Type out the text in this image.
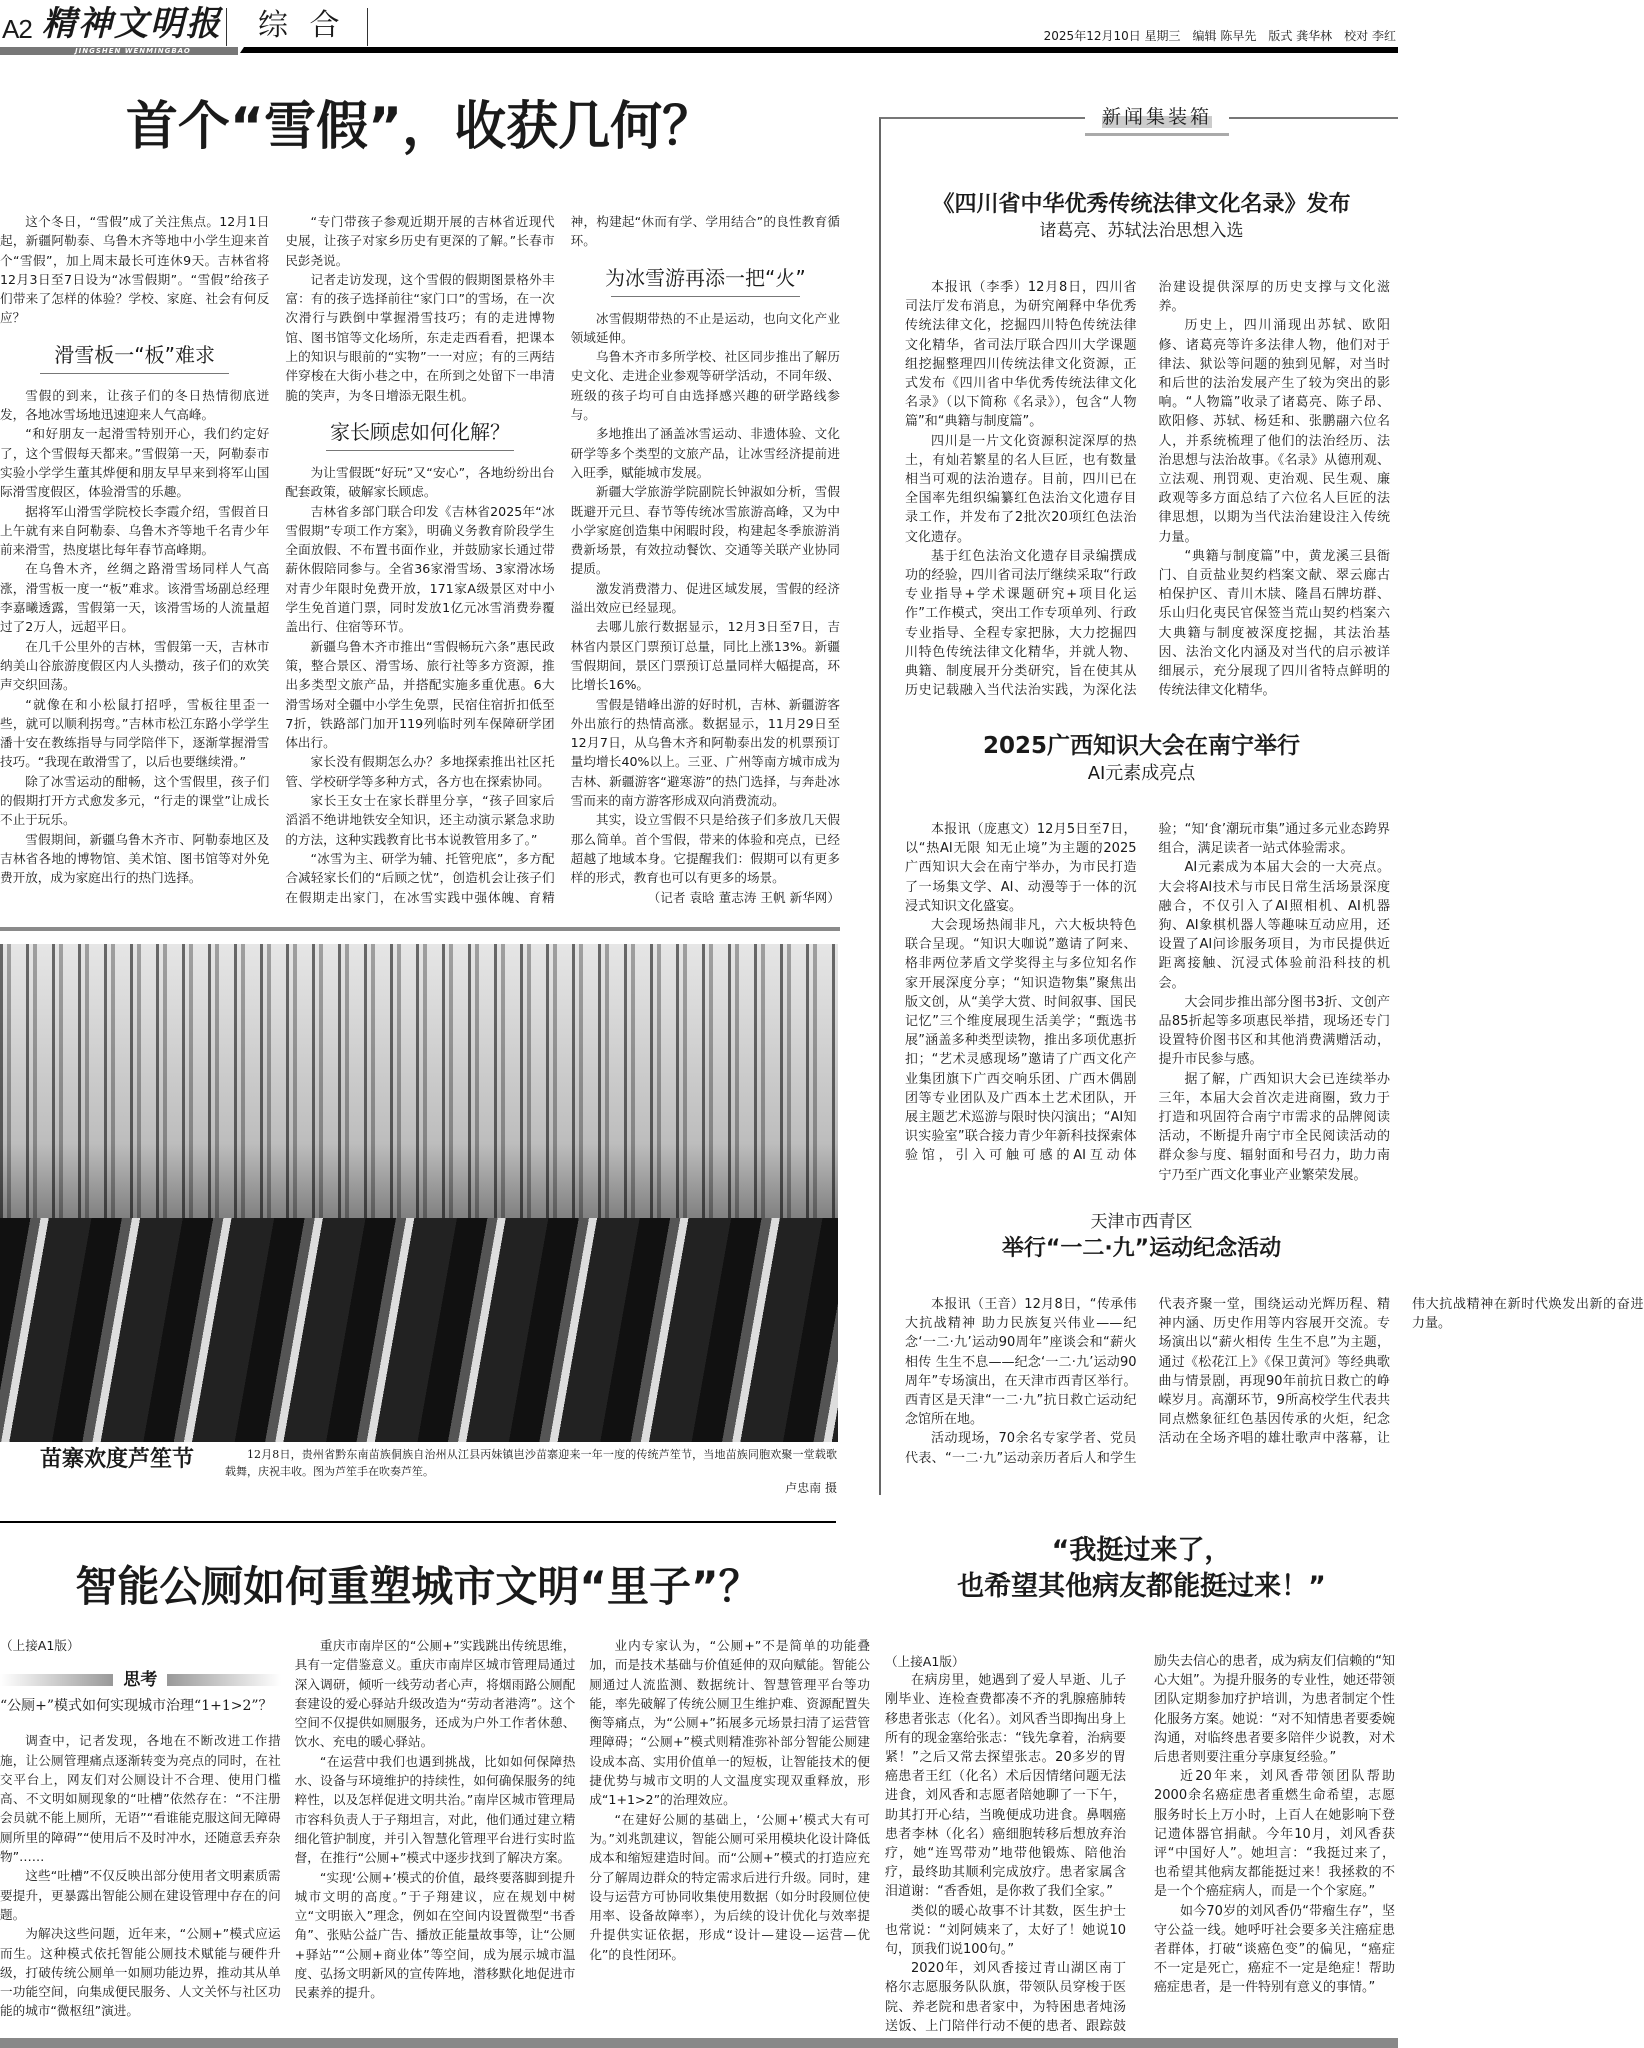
A2 精神文明报
JINGSHEN WENMINGBAO
综 合	2025年12月10日 星期三　编辑 陈早先　版式 龚华林　校对 李红
首个“雪假”，收获几何？

这个冬日，“雪假”成了关注焦点。12月1日起，新疆阿勒泰、乌鲁木齐等地中小学生迎来首个“雪假”，加上周末最长可连休9天。吉林省将12月3日至7日设为“冰雪假期”。“雪假”给孩子们带来了怎样的体验？学校、家庭、社会有何反应？

滑雪板一“板”难求

雪假的到来，让孩子们的冬日热情彻底迸发，各地冰雪场地迅速迎来人气高峰。

“和好朋友一起滑雪特别开心，我们约定好了，这个雪假每天都来。”雪假第一天，阿勒泰市实验小学学生董其烨便和朋友早早来到将军山国际滑雪度假区，体验滑雪的乐趣。

据将军山滑雪学院校长李霞介绍，雪假首日上午就有来自阿勒泰、乌鲁木齐等地千名青少年前来滑雪，热度堪比每年春节高峰期。

在乌鲁木齐，丝绸之路滑雪场同样人气高涨，滑雪板一度一“板”难求。该滑雪场副总经理李嘉曦透露，雪假第一天，该滑雪场的人流量超过了2万人，远超平日。

在几千公里外的吉林，雪假第一天，吉林市纳美山谷旅游度假区内人头攒动，孩子们的欢笑声交织回荡。

“就像在和小松鼠打招呼，雪板往里歪一些，就可以顺利拐弯。”吉林市松江东路小学学生潘十安在教练指导与同学陪伴下，逐渐掌握滑雪技巧。“我现在敢滑雪了，以后也要继续滑。”

除了冰雪运动的酣畅，这个雪假里，孩子们的假期打开方式愈发多元，“行走的课堂”让成长不止于玩乐。

雪假期间，新疆乌鲁木齐市、阿勒泰地区及吉林省各地的博物馆、美术馆、图书馆等对外免费开放，成为家庭出行的热门选择。

“专门带孩子参观近期开展的吉林省近现代史展，让孩子对家乡历史有更深的了解。”长春市民彭尧说。

记者走访发现，这个雪假的假期图景格外丰富：有的孩子选择前往“家门口”的雪场，在一次次滑行与跌倒中掌握滑雪技巧；有的走进博物馆、图书馆等文化场所，东走走西看看，把课本上的知识与眼前的“实物”一一对应；有的三两结伴穿梭在大街小巷之中，在所到之处留下一串清脆的笑声，为冬日增添无限生机。

家长顾虑如何化解？

为让雪假既“好玩”又“安心”，各地纷纷出台配套政策，破解家长顾虑。

吉林省多部门联合印发《吉林省2025年“冰雪假期”专项工作方案》，明确义务教育阶段学生全面放假、不布置书面作业，并鼓励家长通过带薪休假陪同参与。全省36家滑雪场、3家滑冰场对青少年限时免费开放，171家A级景区对中小学生免首道门票，同时发放1亿元冰雪消费券覆盖出行、住宿等环节。

新疆乌鲁木齐市推出“雪假畅玩六条”惠民政策，整合景区、滑雪场、旅行社等多方资源，推出多类型文旅产品，并搭配实施多重优惠。6大滑雪场对全疆中小学生免票，民宿住宿折扣低至7折，铁路部门加开119列临时列车保障研学团体出行。

家长没有假期怎么办？多地探索推出社区托管、学校研学等多种方式，各方也在探索协同。

家长王女士在家长群里分享，“孩子回家后滔滔不绝讲地铁安全知识，还主动演示紧急求助的方法，这种实践教育比书本说教管用多了。”

“冰雪为主、研学为辅、托管兜底”，多方配合减轻家长们的“后顾之忧”，创造机会让孩子们在假期走出家门，在冰雪实践中强体魄、育精神，构建起“休而有学、学用结合”的良性教育循环。

为冰雪游再添一把“火”

冰雪假期带热的不止是运动，也向文化产业领域延伸。

乌鲁木齐市多所学校、社区同步推出了解历史文化、走进企业参观等研学活动，不同年级、班级的孩子均可自由选择感兴趣的研学路线参与。

多地推出了涵盖冰雪运动、非遗体验、文化研学等多个类型的文旅产品，让冰雪经济提前进入旺季，赋能城市发展。

新疆大学旅游学院副院长钟淑如分析，雪假既避开元旦、春节等传统冰雪旅游高峰，又为中小学家庭创造集中闲暇时段，构建起冬季旅游消费新场景，有效拉动餐饮、交通等关联产业协同提质。

激发消费潜力、促进区域发展，雪假的经济溢出效应已经显现。

去哪儿旅行数据显示，12月3日至7日，吉林省内景区门票预订总量，同比上涨13%。新疆雪假期间，景区门票预订总量同样大幅提高，环比增长16%。

雪假是错峰出游的好时机，吉林、新疆游客外出旅行的热情高涨。数据显示，11月29日至12月7日，从乌鲁木齐和阿勒泰出发的机票预订量均增长40%以上。三亚、广州等南方城市成为吉林、新疆游客“避寒游”的热门选择，与奔赴冰雪而来的南方游客形成双向消费流动。

其实，设立雪假不只是给孩子们多放几天假那么简单。首个雪假，带来的体验和亮点，已经超越了地域本身。它提醒我们：假期可以有更多样的形式，教育也可以有更多的场景。

（记者 袁晗 董志涛 王帆 新华网）

苗寨欢度芦笙节	12月8日，贵州省黔东南苗族侗族自治州从江县丙妹镇岜沙苗寨迎来一年一度的传统芦笙节，当地苗族同胞欢聚一堂载歌载舞，庆祝丰收。图为芦笙手在吹奏芦笙。
卢忠南 摄
智能公厕如何重塑城市文明“里子”？

（上接A1版）

思考

“公厕+”模式如何实现城市治理“1+1>2”？

调查中，记者发现，各地在不断改进工作措施，让公厕管理痛点逐渐转变为亮点的同时，在社交平台上，网友们对公厕设计不合理、使用门槛高、不文明如厕现象的“吐槽”依然存在：“不注册会员就不能上厕所，无语”“看谁能克服这间无障碍厕所里的障碍”“使用后不及时冲水，还随意丢弃杂物”……

这些“吐槽”不仅反映出部分使用者文明素质需要提升，更暴露出智能公厕在建设管理中存在的问题。

为解决这些问题，近年来，“公厕+”模式应运而生。这种模式依托智能公厕技术赋能与硬件升级，打破传统公厕单一如厕功能边界，推动其从单一功能空间，向集成便民服务、人文关怀与社区功能的城市“微枢纽”演进。

重庆市南岸区的“公厕+”实践跳出传统思维，具有一定借鉴意义。重庆市南岸区城市管理局通过深入调研，倾听一线劳动者心声，将烟雨路公厕配套建设的爱心驿站升级改造为“劳动者港湾”。这个空间不仅提供如厕服务，还成为户外工作者休憩、饮水、充电的暖心驿站。

“在运营中我们也遇到挑战，比如如何保障热水、设备与环境维护的持续性，如何确保服务的纯粹性，以及怎样促进文明共治。”南岸区城市管理局市容科负责人于子翔坦言，对此，他们通过建立精细化管护制度，并引入智慧化管理平台进行实时监督，在推行“公厕+”模式中逐步找到了解决方案。

“实现‘公厕+’模式的价值，最终要落脚到提升城市文明的高度。”于子翔建议，应在规划中树立“文明嵌入”理念，例如在空间内设置微型“书香角”、张贴公益广告、播放正能量故事等，让“公厕+驿站”“公厕+商业体”等空间，成为展示城市温度、弘扬文明新风的宣传阵地，潜移默化地促进市民素养的提升。

业内专家认为，“公厕+”不是简单的功能叠加，而是技术基础与价值延伸的双向赋能。智能公厕通过人流监测、数据统计、智慧管理平台等功能，率先破解了传统公厕卫生维护难、资源配置失衡等痛点，为“公厕+”拓展多元场景扫清了运营管理障碍；“公厕+”模式则精准弥补部分智能公厕建设成本高、实用价值单一的短板，让智能技术的便捷优势与城市文明的人文温度实现双重释放，形成“1+1>2”的治理效应。

“在建好公厕的基础上，‘公厕+’模式大有可为。”刘兆凯建议，智能公厕可采用模块化设计降低成本和缩短建造时间。而“公厕+”模式的打造应充分了解周边群众的特定需求后进行升级。同时，建设与运营方可协同收集使用数据（如分时段厕位使用率、设备故障率），为后续的设计优化与效率提升提供实证依据，形成“设计—建设—运营—优化”的良性闭环。

新闻集装箱
《四川省中华优秀传统法律文化名录》发布
诸葛亮、苏轼法治思想入选

本报讯（李季）12月8日，四川省司法厅发布消息，为研究阐释中华优秀传统法律文化，挖掘四川特色传统法律文化精华，省司法厅联合四川大学课题组挖掘整理四川传统法律文化资源，正式发布《四川省中华优秀传统法律文化名录》（以下简称《名录》），包含“人物篇”和“典籍与制度篇”。

四川是一片文化资源积淀深厚的热土，有灿若繁星的名人巨匠，也有数量相当可观的法治遗存。目前，四川已在全国率先组织编纂红色法治文化遗存目录工作，并发布了2批次20项红色法治文化遗存。

基于红色法治文化遗存目录编撰成功的经验，四川省司法厅继续采取“行政专业指导+学术课题研究+项目化运作”工作模式，突出工作专项单列、行政专业指导、全程专家把脉，大力挖掘四川特色传统法律文化精华，并就人物、典籍、制度展开分类研究，旨在使其从历史记载融入当代法治实践，为深化法治建设提供深厚的历史支撑与文化滋养。

历史上，四川涌现出苏轼、欧阳修、诸葛亮等许多法律人物，他们对于律法、狱讼等问题的独到见解，对当时和后世的法治发展产生了较为突出的影响。“人物篇”收录了诸葛亮、陈子昂、欧阳修、苏轼、杨廷和、张鹏翮六位名人，并系统梳理了他们的法治经历、法治思想与法治故事。《名录》从德刑观、立法观、刑罚观、吏治观、民生观、廉政观等多方面总结了六位名人巨匠的法律思想，以期为当代法治建设注入传统力量。

“典籍与制度篇”中，黄龙溪三县衙门、自贡盐业契约档案文献、翠云廊古柏保护区、青川木牍、隆昌石牌坊群、乐山归化夷民官保签当荒山契约档案六大典籍与制度被深度挖掘，其法治基因、法治文化内涵及对当代的启示被详细展示，充分展现了四川省特点鲜明的传统法律文化精华。

2025广西知识大会在南宁举行
AI元素成亮点

本报讯（庞惠文）12月5日至7日，以“热AI无限 知无止境”为主题的2025广西知识大会在南宁举办，为市民打造了一场集文学、AI、动漫等于一体的沉浸式知识文化盛宴。

大会现场热闹非凡，六大板块特色联合呈现。“知识大咖说”邀请了阿来、格非两位茅盾文学奖得主与多位知名作家开展深度分享；“知识造物集”聚焦出版文创，从“美学大赏、时间叙事、国民记忆”三个维度展现生活美学；“甄选书展”涵盖多种类型读物，推出多项优惠折扣；“艺术灵感现场”邀请了广西文化产业集团旗下广西交响乐团、广西木偶剧团等专业团队及广西本土艺术团队，开展主题艺术巡游与限时快闪演出；“AI知识实验室”联合接力青少年新科技探索体验馆，引入可触可感的AI互动体验；“知‘食’潮玩市集”通过多元业态跨界组合，满足读者一站式体验需求。

AI元素成为本届大会的一大亮点。大会将AI技术与市民日常生活场景深度融合，不仅引入了AI照相机、AI机器狗、AI象棋机器人等趣味互动应用，还设置了AI问诊服务项目，为市民提供近距离接触、沉浸式体验前沿科技的机会。

大会同步推出部分图书3折、文创产品85折起等多项惠民举措，现场还专门设置特价图书区和其他消费满赠活动，提升市民参与感。

据了解，广西知识大会已连续举办三年，本届大会首次走进商圈，致力于打造和巩固符合南宁市需求的品牌阅读活动，不断提升南宁市全民阅读活动的群众参与度、辐射面和号召力，助力南宁乃至广西文化事业产业繁荣发展。

天津市西青区
举行“一二·九”运动纪念活动

本报讯（王音）12月8日，“传承伟大抗战精神 助力民族复兴伟业——纪念‘一二·九’运动90周年”座谈会和“薪火相传 生生不息——纪念‘一二·九’运动90周年”专场演出，在天津市西青区举行。西青区是天津“一二·九”抗日救亡运动纪念馆所在地。

活动现场，70余名专家学者、党员代表、“一二·九”运动亲历者后人和学生代表齐聚一堂，围绕运动光辉历程、精神内涵、历史作用等内容展开交流。专场演出以“薪火相传 生生不息”为主题，通过《松花江上》《保卫黄河》等经典歌曲与情景剧，再现90年前抗日救亡的峥嵘岁月。高潮环节，9所高校学生代表共同点燃象征红色基因传承的火炬，纪念活动在全场齐唱的雄壮歌声中落幕，让伟大抗战精神在新时代焕发出新的奋进力量。

“我挺过来了，
也希望其他病友都能挺过来！”

（上接A1版）

在病房里，她遇到了爱人早逝、儿子刚毕业、连检查费都凑不齐的乳腺癌肺转移患者张志（化名）。刘风香当即掏出身上所有的现金塞给张志：“钱先拿着，治病要紧！”之后又常去探望张志。20多岁的胃癌患者王红（化名）术后因情绪问题无法进食，刘风香和志愿者陪她聊了一下午，助其打开心结，当晚便成功进食。鼻咽癌患者李林（化名）癌细胞转移后想放弃治疗，她“连骂带劝”地带他锻炼、陪他治疗，最终助其顺利完成放疗。患者家属含泪道谢：“香香姐，是你救了我们全家。”

类似的暖心故事不计其数，医生护士也常说：“刘阿姨来了，太好了！她说10句，顶我们说100句。”

2020年，刘风香接过青山湖区南丁格尔志愿服务队队旗，带领队员穿梭于医院、养老院和患者家中，为特困患者炖汤送饭、上门陪伴行动不便的患者、跟踪鼓励失去信心的患者，成为病友们信赖的“知心大姐”。为提升服务的专业性，她还带领团队定期参加疗护培训，为患者制定个性化服务方案。她说：“对不知情患者要委婉沟通，对临终患者要多陪伴少说教，对术后患者则要注重分享康复经验。”

近20年来，刘风香带领团队帮助2000余名癌症患者重燃生命希望，志愿服务时长上万小时，上百人在她影响下登记遗体器官捐献。今年10月，刘风香获评“中国好人”。她坦言：“我挺过来了，也希望其他病友都能挺过来！我拯救的不是一个个癌症病人，而是一个个家庭。”

如今70岁的刘风香仍“带瘤生存”，坚守公益一线。她呼吁社会要多关注癌症患者群体，打破“谈癌色变”的偏见，“癌症不一定是死亡，癌症不一定是绝症！帮助癌症患者，是一件特别有意义的事情。”
